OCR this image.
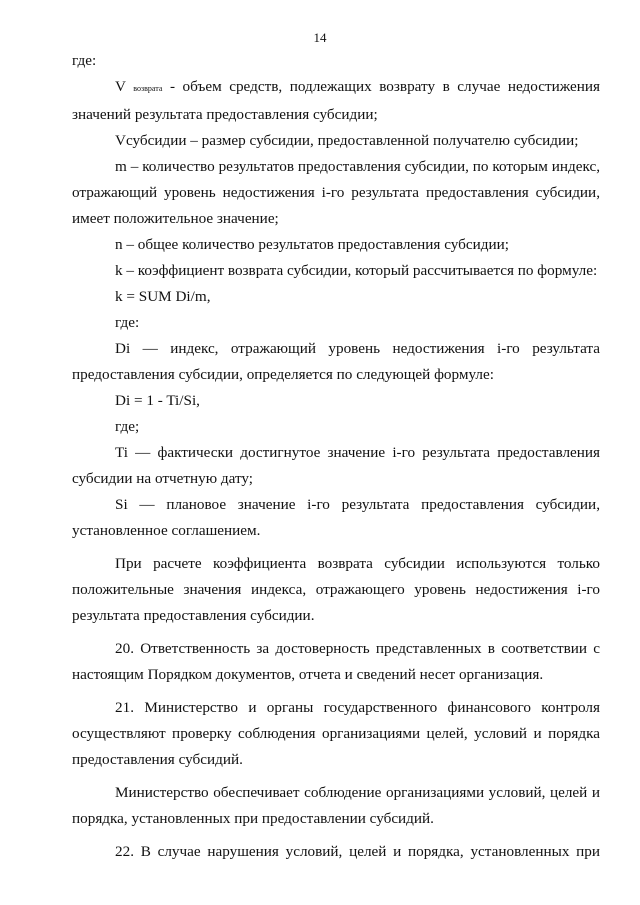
14

где:

V возврата - объем средств, подлежащих возврату в случае недостижения значений результата предоставления субсидии;

Vсубсидии – размер субсидии, предоставленной получателю субсидии;

m – количество результатов предоставления субсидии, по которым индекс, отражающий уровень недостижения i-го результата предоставления субсидии, имеет положительное значение;

n – общее количество результатов предоставления субсидии;

k – коэффициент возврата субсидии, который рассчитывается по формуле:

k = SUM Di/m,

где:

Di — индекс, отражающий уровень недостижения i-го результата предоставления субсидии, определяется по следующей формуле:

Di = 1 - Ti/Si,

где;

Ti — фактически достигнутое значение i-го результата предоставления субсидии на отчетную дату;

Si — плановое значение i-го результата предоставления субсидии, установленное соглашением.

При расчете коэффициента возврата субсидии используются только положительные значения индекса, отражающего уровень недостижения i-го результата предоставления субсидии.

20. Ответственность за достоверность представленных в соответствии с настоящим Порядком документов, отчета и сведений несет организация.

21. Министерство и органы государственного финансового контроля осуществляют проверку соблюдения организациями целей, условий и порядка предоставления субсидий.

Министерство обеспечивает соблюдение организациями условий, целей и порядка, установленных при предоставлении субсидий.

22. В случае нарушения условий, целей и порядка, установленных при
